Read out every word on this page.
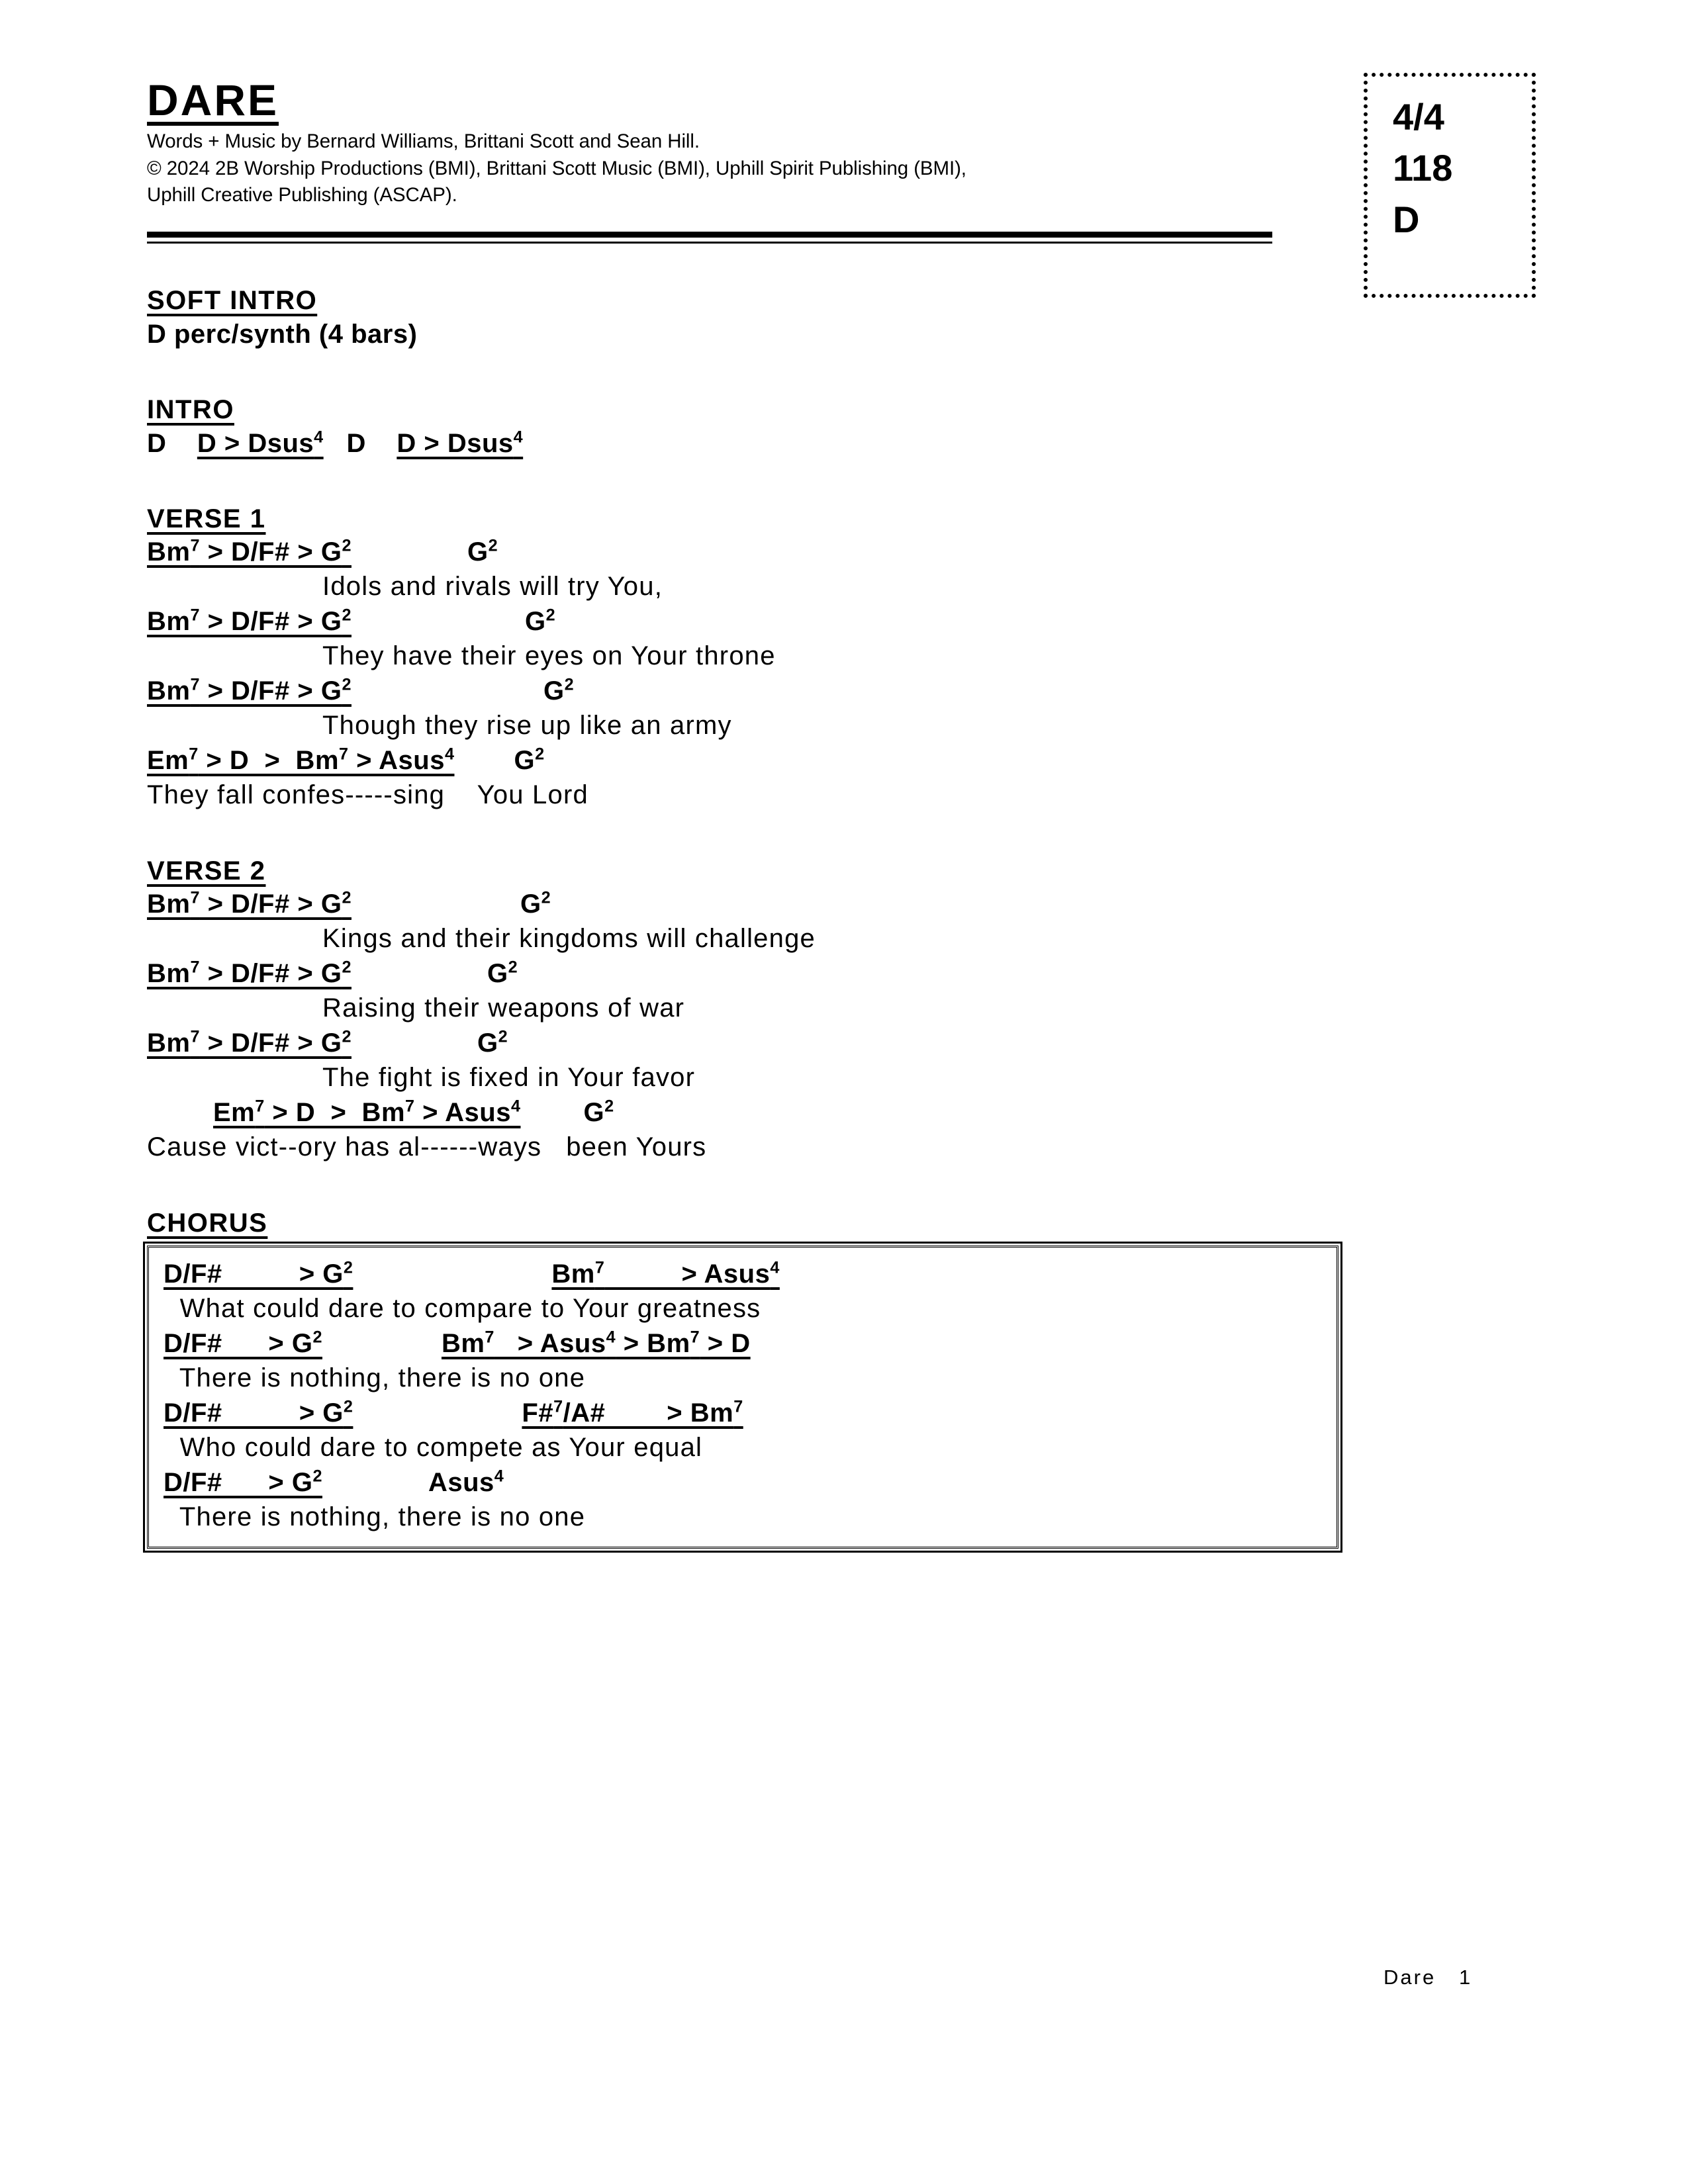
DARE
Words + Music by Bernard Williams, Brittani Scott and Sean Hill.
© 2024 2B Worship Productions (BMI), Brittani Scott Music (BMI), Uphill Spirit Publishing (BMI),
Uphill Creative Publishing (ASCAP).
4/4
118
D
SOFT INTRO
D perc/synth (4 bars)
INTRO
D D > Dsus$^4$ D D > Dsus$^4$
VERSE 1
$Bm^7$ > D/F# > $G^2$	$G^2$
Idols and rivals will try You,
$Bm^7$ > D/F# > $G^2$	$G^2$
They have their eyes on Your throne
$Bm^7$ > D/F# > $G^2$	$G^2$
Though they rise up like an army
$Em^7 > D > Bm^7$ > Asus$^4$ $G^2$
They fall confes-----sing    You Lord
VERSE 2
$Bm^7$ > D/F# > $G^2$	$G^2$
Kings and their kingdoms will challenge
$Bm^7$ > D/F# > $G^2$	$G^2$
Raising their weapons of war
$Bm^7$ > D/F# > $G^2$	$G^2$
The fight is fixed in Your favor
$Em^7 > D > Bm^7$ > Asus$^4$ $G^2$
Cause vict--ory has al------ways   been Yours
CHORUS
D/F#          > $G^2$	Bm$^7$          > Asus$^4$
What could dare to compare to Your greatness
D/F#      > $G^2$	Bm$^7$   > Asus$^4$ > $Bm^7 > D$
There is nothing, there is no one
D/F#          > $G^2$	F#$^7$/A#        > $Bm^7$
Who could dare to compete as Your equal
D/F#      > $G^2$	Asus$^4$
There is nothing, there is no one
Dare   1
